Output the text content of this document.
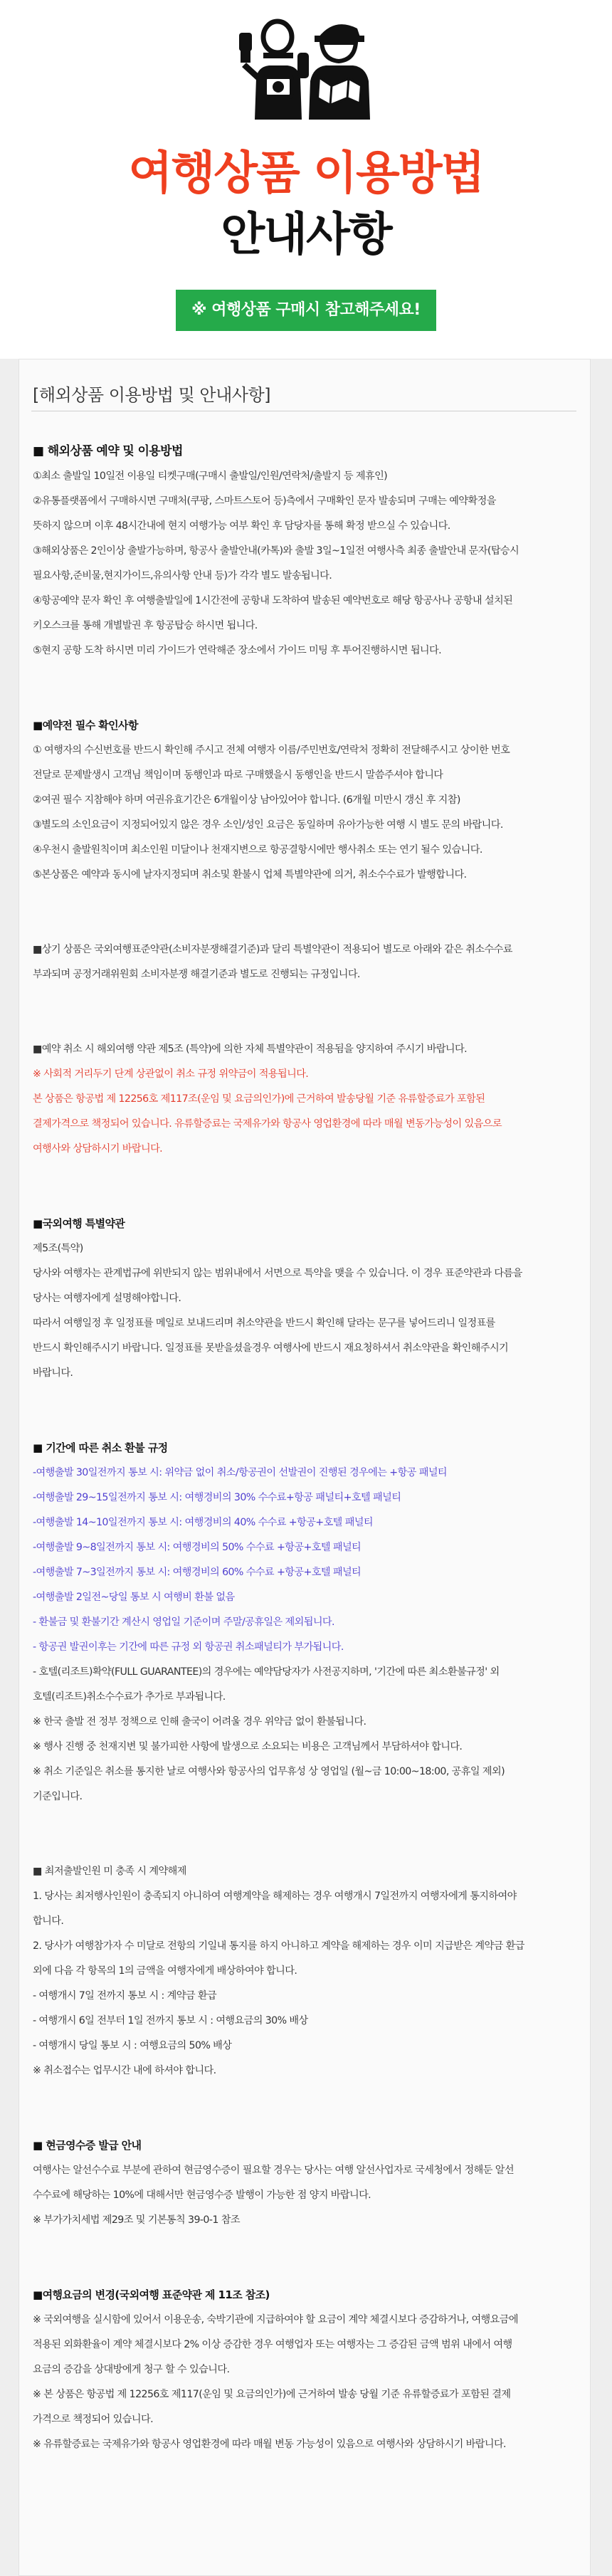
여행상품 이용방법
안내사항
※ 여행상품 구매시 참고해주세요!
[해외상품 이용방법 및 안내사항]

■ 해외상품 예약 및 이용방법

①최소 출발일 10일전 이용일 티켓구매(구매시 출발일/인원/연락처/출발지 등 제휴인)

②유통플랫폼에서 구매하시면 구매처(쿠팡, 스마트스토어 등)측에서 구매확인 문자 발송되며 구매는 예약확정을

뜻하지 않으며 이후 48시간내에 현지 여행가능 여부 확인 후 담당자를 통해 확정 받으실 수 있습니다.

③해외상품은 2인이상 출발가능하며, 항공사 출발안내(카톡)와 출발 3일~1일전 여행사측 최종 출발안내 문자(탑승시

필요사항,준비물,현지가이드,유의사항 안내 등)가 각각 별도 발송됩니다.

④항공예약 문자 확인 후 여행출발일에 1시간전에 공항내 도착하여 발송된 예약번호로 해당 항공사나 공항내 설치된

키오스크를 통해 개별발권 후 항공탑승 하시면 됩니다.

⑤현지 공항 도착 하시면 미리 가이드가 연락해준 장소에서 가이드 미팅 후 투어진행하시면 됩니다.

■예약전 필수 확인사항

① 여행자의 수신번호를 반드시 확인해 주시고 전체 여행자 이름/주민번호/연락처 정확히 전달해주시고 상이한 번호

전달로 문제발생시 고객님 책임이며 동행인과 따로 구매했을시 동행인을 반드시 말씀주셔야 합니다

②여권 필수 지참해야 하며 여권유효기간은 6개월이상 남아있어야 합니다. (6개월 미만시 갱신 후 지참)

③별도의 소인요금이 지정되어있지 않은 경우 소인/성인 요금은 동일하며 유아가능한 여행 시 별도 문의 바랍니다.

④우천시 출발원칙이며 최소인원 미달이나 천재지변으로 항공결항시에만 행사취소 또는 연기 될수 있습니다.

⑤본상품은 예약과 동시에 날자지정되며 취소및 환불시 업체 특별약관에 의거, 취소수수료가 발행합니다.

■상기 상품은 국외여행표준약관(소비자분쟁해결기준)과 달리 특별약관이 적용되어 별도로 아래와 같은 취소수수료

부과되며 공정거래위원회 소비자분쟁 해결기준과 별도로 진행되는 규정입니다.

■예약 취소 시 해외여행 약관 제5조 (특약)에 의한 자체 특별약관이 적용됨을 양지하여 주시기 바랍니다.

※ 사회적 거리두기 단계 상관없이 취소 규정 위약금이 적용됩니다.

본 상품은 항공법 제 12256호 제117조(운임 및 요금의인가)에 근거하여 발송당월 기준 유류할증료가 포함된

결제가격으로 책정되어 있습니다. 유류할증료는 국제유가와 항공사 영업환경에 따라 매월 변동가능성이 있음으로

여행사와 상담하시기 바랍니다.

■국외여행 특별약관

제5조(특약)

당사와 여행자는 관계법규에 위반되지 않는 범위내에서 서면으로 특약을 맺을 수 있습니다. 이 경우 표준약관과 다름을

당사는 여행자에게 설명해야합니다.

따라서 여행일정 후 일정표를 메일로 보내드리며 취소약관을 반드시 확인해 달라는 문구를 넣어드리니 일정표를

반드시 확인해주시기 바랍니다. 일정표를 못받을셨을경우 여행사에 반드시 재요청하셔서 취소약관을 확인해주시기

바랍니다.

■ 기간에 따른 취소 환불 규정

-여행출발 30일전까지 통보 시: 위약금 없이 취소/항공권이 선발권이 진행된 경우에는 +항공 패널티

-여행출발 29~15일전까지 통보 시: 여행경비의 30% 수수료+항공 패널티+호텔 패널티

-여행출발 14~10일전까지 통보 시: 여행경비의 40% 수수료 +항공+호텔 패널티

-여행출발 9~8일전까지 통보 시: 여행경비의 50% 수수료 +항공+호텔 패널티

-여행출발 7~3일전까지 통보 시: 여행경비의 60% 수수료 +항공+호텔 패널티

-여행출발 2일전~당일 통보 시 여행비 환불 없음

- 환불금 및 환불기간 계산시 영업일 기준이며 주말/공휴일은 제외됩니다.

- 항공권 발권이후는 기간에 따른 규정 외 항공권 취소패널티가 부가됩니다.

- 호텔(리조트)확약(FULL GUARANTEE)의 경우에는 예약담당자가 사전공지하며, '기간에 따른 최소환불규정' 외

호텔(리조트)취소수수료가 추가로 부과됩니다.

※ 한국 출발 전 정부 정책으로 인해 출국이 어려울 경우 위약금 없이 환불됩니다.

※ 행사 진행 중 천재지변 및 불가피한 사항에 발생으로 소요되는 비용은 고객님께서 부담하셔야 합니다.

※ 취소 기준일은 취소를 통지한 날로 여행사와 항공사의 업무휴성 상 영업일 (월~금 10:00~18:00, 공휴일 제외)

기준입니다.

■ 최저출발인원 미 충족 시 계약해제

1. 당사는 최저행사인원이 충족되지 아니하여 여행계약을 해제하는 경우 여행개시 7일전까지 여행자에게 통지하여야

합니다.

2. 당사가 여행참가자 수 미달로 전항의 기일내 통지를 하지 아니하고 계약을 해제하는 경우 이미 지급받은 계약금 환급

외에 다음 각 항목의 1의 금액을 여행자에게 배상하여야 합니다.

- 여행개시 7일 전까지 통보 시 : 계약금 환급

- 여행개시 6일 전부터 1일 전까지 통보 시 : 여행요금의 30% 배상

- 여행개시 당일 통보 시 : 여행요금의 50% 배상

※ 취소접수는 업무시간 내에 하셔야 합니다.

■ 현금영수증 발급 안내

여행사는 알선수수료 부분에 관하여 현금영수증이 필요할 경우는 당사는 여행 알선사업자로 국세청에서 정해둔 알선

수수료에 해당하는 10%에 대해서만 현금영수증 발행이 가능한 점 양지 바랍니다.

※ 부가가치세법 제29조 및 기본통칙 39-0-1 참조

■여행요금의 변경(국외여행 표준약관 제 11조 참조)

※ 국외여행을 실시함에 있어서 이용운송, 숙박기관에 지급하여야 할 요금이 계약 체결시보다 증감하거나, 여행요금에

적용된 외화환율이 계약 체결시보다 2% 이상 증감한 경우 여행업자 또는 여행자는 그 증감된 금액 범위 내에서 여행

요금의 증감을 상대방에게 청구 할 수 있습니다.

※ 본 상품은 항공법 제 12256호 제117(운임 및 요금의인가)에 근거하여 발송 당월 기준 유류할증료가 포함된 결제

가격으로 책정되어 있습니다.

※ 유류할증료는 국제유가와 항공사 영업환경에 따라 매월 변동 가능성이 있음으로 여행사와 상담하시기 바랍니다.
